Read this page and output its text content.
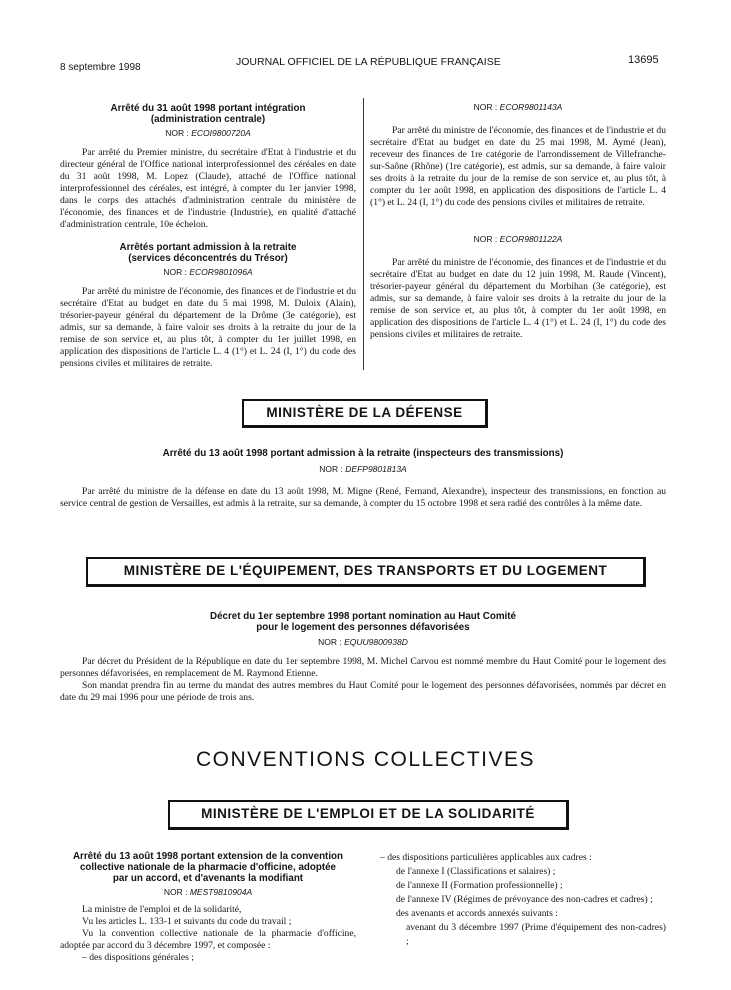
8 septembre 1998	JOURNAL OFFICIEL DE LA RÉPUBLIQUE FRANÇAISE	13695
Arrêté du 31 août 1998 portant intégration
(administration centrale)
NOR : ECOI9800720A

Par arrêté du Premier ministre, du secrétaire d'Etat à l'industrie et du directeur général de l'Office national interprofessionnel des céréales en date du 31 août 1998, M. Lopez (Claude), attaché de l'Office national interprofessionnel des céréales, est intégré, à compter du 1er janvier 1998, dans le corps des attachés d'administration centrale du ministère de l'économie, des finances et de l'industrie (Industrie), en qualité d'attaché d'administration centrale, 10e échelon.

Arrêtés portant admission à la retraite
(services déconcentrés du Trésor)
NOR : ECOR9801096A

Par arrêté du ministre de l'économie, des finances et de l'industrie et du secrétaire d'Etat au budget en date du 5 mai 1998, M. Duloix (Alain), trésorier-payeur général du département de la Drôme (3e catégorie), est admis, sur sa demande, à faire valoir ses droits à la retraite du jour de la remise de son service et, au plus tôt, à compter du 1er juillet 1998, en application des dispositions de l'article L. 4 (1°) et L. 24 (I, 1°) du code des pensions civiles et militaires de retraite.

NOR : ECOR9801143A

Par arrêté du ministre de l'économie, des finances et de l'industrie et du secrétaire d'Etat au budget en date du 25 mai 1998, M. Aymé (Jean), receveur des finances de 1re catégorie de l'arrondissement de Villefranche-sur-Saône (Rhône) (1re catégorie), est admis, sur sa demande, à faire valoir ses droits à la retraite du jour de la remise de son service et, au plus tôt, à compter du 1er août 1998, en application des dispositions de l'article L. 4 (1°) et L. 24 (I, 1°) du code des pensions civiles et militaires de retraite.

NOR : ECOR9801122A

Par arrêté du ministre de l'économie, des finances et de l'industrie et du secrétaire d'Etat au budget en date du 12 juin 1998, M. Raude (Vincent), trésorier-payeur général du département du Morbihan (3e catégorie), est admis, sur sa demande, à faire valoir ses droits à la retraite du jour de la remise de son service et, au plus tôt, à compter du 1er août 1998, en application des dispositions de l'article L. 4 (1°) et L. 24 (I, 1°) du code des pensions civiles et militaires de retraite.

MINISTÈRE DE LA DÉFENSE
Arrêté du 13 août 1998 portant admission à la retraite (inspecteurs des transmissions)
NOR : DEFP9801813A

Par arrêté du ministre de la défense en date du 13 août 1998, M. Migne (René, Fernand, Alexandre), inspecteur des transmissions, en fonction au service central de gestion de Versailles, est admis à la retraite, sur sa demande, à compter du 15 octobre 1998 et sera radié des contrôles à la même date.

MINISTÈRE DE L'ÉQUIPEMENT, DES TRANSPORTS ET DU LOGEMENT
Décret du 1er septembre 1998 portant nomination au Haut Comité
pour le logement des personnes défavorisées
NOR : EQUU9800938D

Par décret du Président de la République en date du 1er septembre 1998, M. Michel Carvou est nommé membre du Haut Comité pour le logement des personnes défavorisées, en remplacement de M. Raymond Etienne.

Son mandat prendra fin au terme du mandat des autres membres du Haut Comité pour le logement des personnes défavorisées, nommés par décret en date du 29 mai 1996 pour une période de trois ans.

CONVENTIONS COLLECTIVES
MINISTÈRE DE L'EMPLOI ET DE LA SOLIDARITÉ
Arrêté du 13 août 1998 portant extension de la convention
collective nationale de la pharmacie d'officine, adoptée
par un accord, et d'avenants la modifiant
NOR : MEST9810904A

La ministre de l'emploi et de la solidarité,

Vu les articles L. 133-1 et suivants du code du travail ;

Vu la convention collective nationale de la pharmacie d'officine, adoptée par accord du 3 décembre 1997, et composée :

– des dispositions générales ;

– des dispositions particulières applicables aux cadres :

de l'annexe I (Classifications et salaires) ;

de l'annexe II (Formation professionnelle) ;

de l'annexe IV (Régimes de prévoyance des non-cadres et cadres) ;

des avenants et accords annexés suivants :

avenant du 3 décembre 1997 (Prime d'équipement des non-cadres) ;
